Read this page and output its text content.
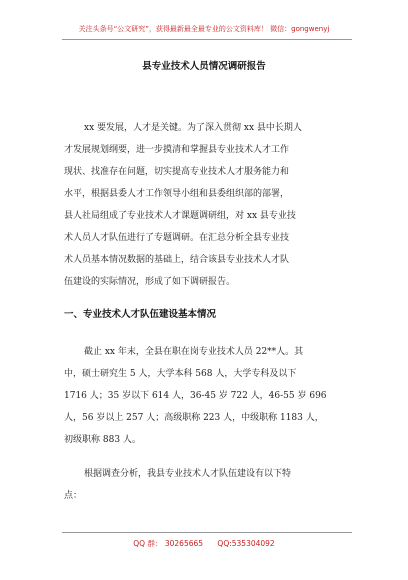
关注头条号“公文研究”，获得最新最全最专业的公文资料库！ 微信：gongwenyj
县专业技术人员情况调研报告
xx 要发展，人才是关键。为了深入贯彻 xx 县中长期人
才发展规划纲要，进一步摸清和掌握县专业技术人才工作
现状、找准存在问题，切实提高专业技术人才服务能力和
水平，根据县委人才工作领导小组和县委组织部的部署，
县人社局组成了专业技术人才课题调研组，对 xx 县专业技
术人员人才队伍进行了专题调研。在汇总分析全县专业技
术人员基本情况数据的基础上，结合该县专业技术人才队
伍建设的实际情况，形成了如下调研报告。
一、专业技术人才队伍建设基本情况
截止 xx 年末，全县在职在岗专业技术人员 22**人。其
中，硕士研究生 5 人，大学本科 568 人，大学专科及以下
1716 人；35 岁以下 614 人，36-45 岁 722 人，46-55 岁 696
人，56 岁以上 257 人；高级职称 223 人，中级职称 1183 人，
初级职称 883 人。
根据调查分析，我县专业技术人才队伍建设有以下特
点：
QQ 群： 30265665 QQ:535304092
